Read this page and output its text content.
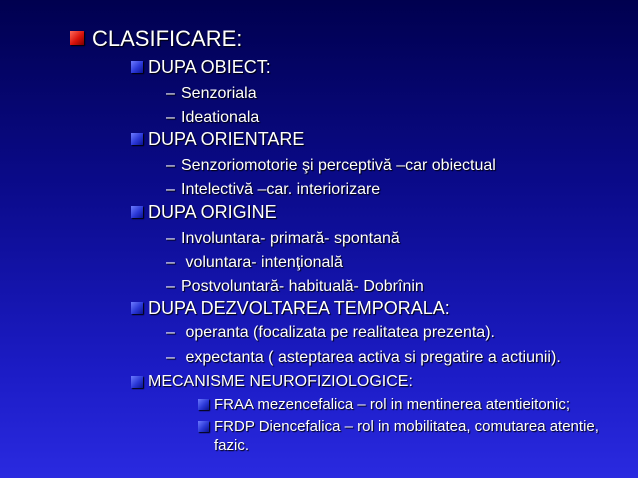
CLASIFICARE:
DUPA OBIECT:
– Senzoriala
– Ideationala
DUPA ORIENTARE
– Senzoriomotorie şi perceptivă –car obiectual
– Intelectivă –car. interiorizare
DUPA ORIGINE
– Involuntara- primară- spontană
– voluntara- intenţională
– Postvoluntară- habituală- Dobrînin
DUPA DEZVOLTAREA TEMPORALA:
– operanta (focalizata pe realitatea prezenta).
– expectanta ( asteptarea activa si pregatire a actiunii).
MECANISME NEUROFIZIOLOGICE:
FRAA mezencefalica – rol in mentinerea atentieitonic;
FRDP Diencefalica – rol in mobilitatea, comutarea atentie,
fazic.
